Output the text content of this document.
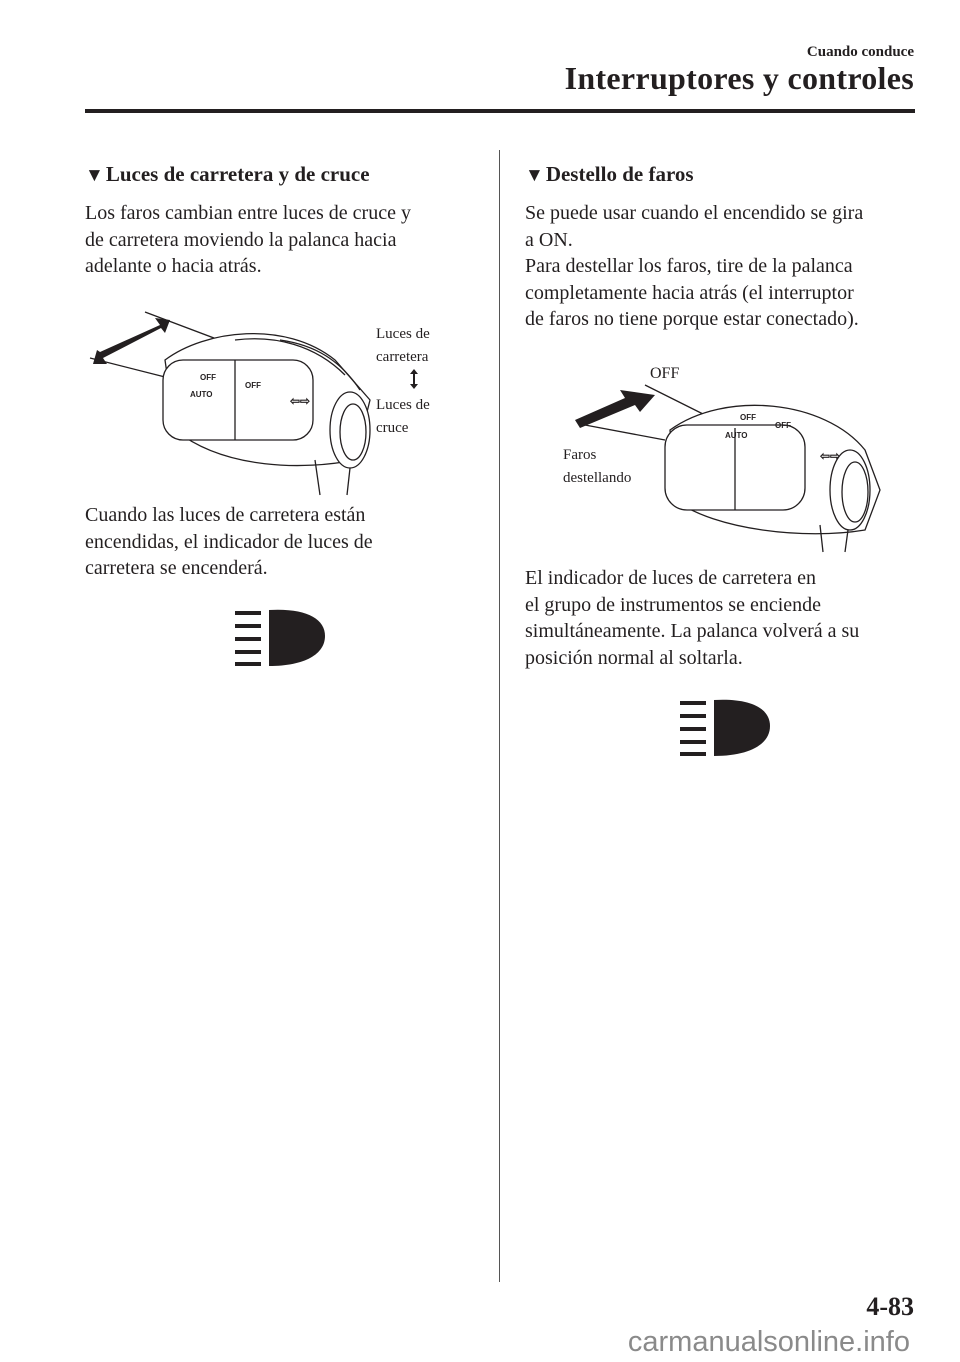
Cuando conduce
Interruptores y controles
▼Luces de carretera y de cruce
Los faros cambian entre luces de cruce y
de carretera moviendo la palanca hacia
adelante o hacia atrás.
OFF
OFF
AUTO	⇦⇨
Luces de
carretera
Luces de
cruce
Cuando las luces de carretera están
encendidas, el indicador de luces de
carretera se encenderá.
▼Destello de faros
Se puede usar cuando el encendido se gira
a ON.
Para destellar los faros, tire de la palanca
completamente hacia atrás (el interruptor
de faros no tiene porque estar conectado).
OFF
OFF
OFF
AUTO
⇦⇨
Faros
destellando
El indicador de luces de carretera en
el grupo de instrumentos se enciende
simultáneamente. La palanca volverá a su
posición normal al soltarla.
4-83
carmanualsonline.info
